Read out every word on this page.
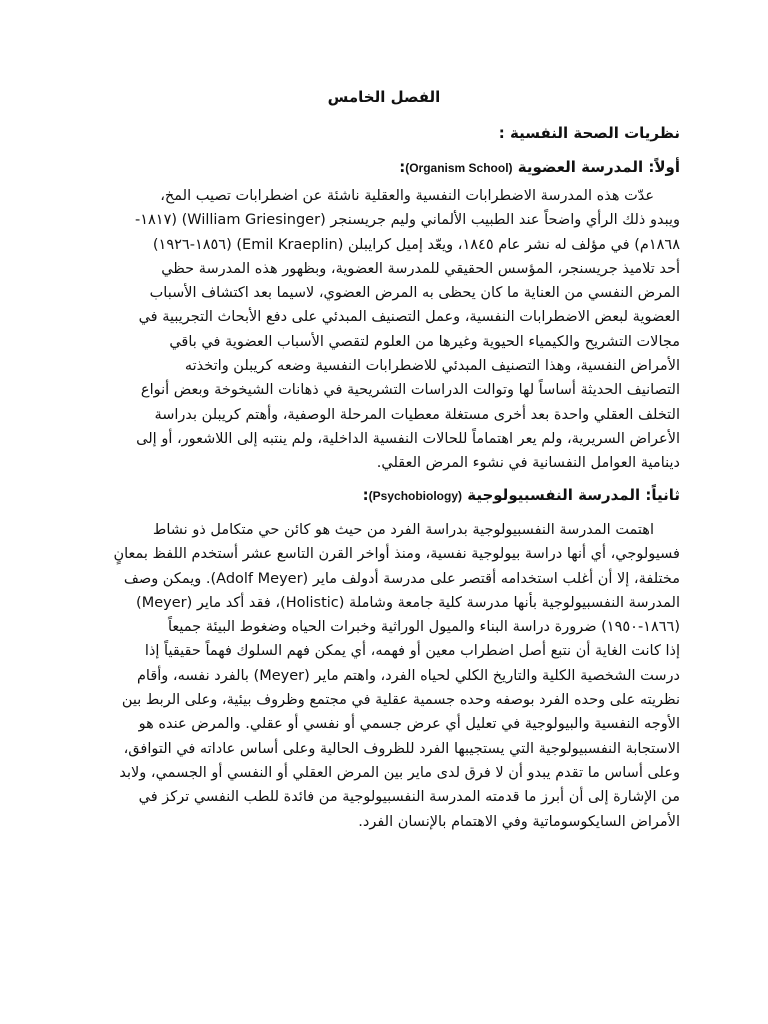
الفصل الخامس
نظريات الصحة النفسية :
أولاً: المدرسة العضوية (Organism School):
عدّت هذه المدرسة الاضطرابات النفسية والعقلية ناشئة عن اضطرابات تصيب المخ،
ويبدو ذلك الرأي واضحاً عند الطبيب الألماني وليم جريسنجر (William Griesinger) (١٨١٧-
١٨٦٨م) في مؤلف له نشر عام ١٨٤٥، ويعّد إميل كرايبلن (Emil Kraeplin) (١٨٥٦-١٩٢٦)
أحد تلاميذ جريسنجر، المؤسس الحقيقي للمدرسة العضوية، وبظهور هذه المدرسة حظي
المرض النفسي من العناية ما كان يحظى به المرض العضوي، لاسيما بعد اكتشاف الأسباب
العضوية لبعض الاضطرابات النفسية، وعمل التصنيف المبدئي على دفع الأبحاث التجريبية في
مجالات التشريح والكيمياء الحيوية وغيرها من العلوم لتقصي الأسباب العضوية في باقي
الأمراض النفسية، وهذا التصنيف المبدئي للاضطرابات النفسية وضعه كريبلن واتخذته
التصانيف الحديثة أساساً لها وتوالت الدراسات التشريحية في ذهانات الشيخوخة وبعض أنواع
التخلف العقلي واحدة بعد أخرى مستغلة معطيات المرحلة الوصفية، وأهتم كريبلن بدراسة
الأعراض السريرية، ولم يعر اهتماماً للحالات النفسية الداخلية، ولم ينتبه إلى اللاشعور، أو إلى
دينامية العوامل النفسانية في نشوء المرض العقلي.
ثانياً: المدرسة النفسبيولوجية (Psychobiology):
اهتمت المدرسة النفسبيولوجية بدراسة الفرد من حيث هو كائن حي متكامل ذو نشاط
فسيولوجي، أي أنها دراسة بيولوجية نفسية، ومنذ أواخر القرن التاسع عشر أستخدم اللفظ بمعانٍ
مختلفة، إلا أن أغلب استخدامه أقتصر على مدرسة أدولف ماير (Adolf Meyer). ويمكن وصف
المدرسة النفسبيولوجية بأنها مدرسة كلية جامعة وشاملة (Holistic)، فقد أكد ماير (Meyer)
(١٨٦٦-١٩٥٠) ضرورة دراسة البناء والميول الوراثية وخبرات الحياه وضغوط البيئة جميعاً
إذا كانت الغاية أن نتبع أصل اضطراب معين أو فهمه، أي يمكن فهم السلوك فهماً حقيقياً إذا
درست الشخصية الكلية والتاريخ الكلي لحياه الفرد، واهتم ماير (Meyer) بالفرد نفسه، وأقام
نظريته على وحده الفرد بوصفه وحده جسمية عقلية في مجتمع وظروف بيئية، وعلى الربط بين
الأوجه النفسية والبيولوجية في تعليل أي عرض جسمي أو نفسي أو عقلي. والمرض عنده هو
الاستجابة النفسبيولوجية التي يستجيبها الفرد للظروف الحالية وعلى أساس عاداته في التوافق،
وعلى أساس ما تقدم يبدو أن لا فرق لدى ماير بين المرض العقلي أو النفسي أو الجسمي، ولابد
من الإشارة إلى أن أبرز ما قدمته المدرسة النفسبيولوجية من فائدة للطب النفسي تركز في
الأمراض السايكوسوماتية وفي الاهتمام بالإنسان الفرد.
